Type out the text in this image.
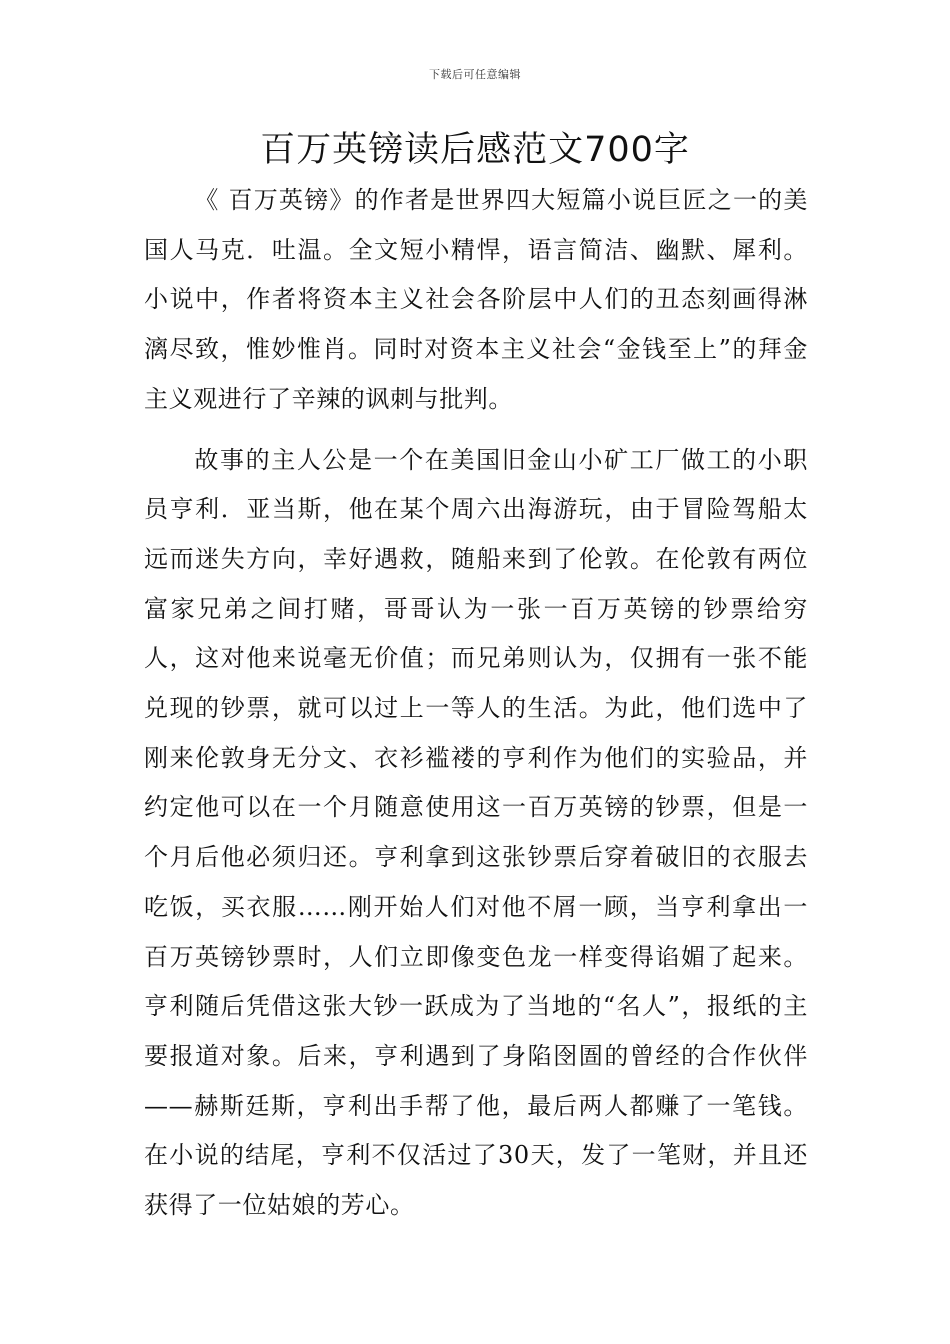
下载后可任意编辑
百万英镑读后感范文700字

《 百万英镑》的作者是世界四大短篇小说巨匠之一的美国人马克．吐温。全文短小精悍，语言简洁、幽默、犀利。小说中，作者将资本主义社会各阶层中人们的丑态刻画得淋漓尽致，惟妙惟肖。同时对资本主义社会“金钱至上”的拜金主义观进行了辛辣的讽刺与批判。

故事的主人公是一个在美国旧金山小矿工厂做工的小职员亨利．亚当斯，他在某个周六出海游玩，由于冒险驾船太远而迷失方向，幸好遇救，随船来到了伦敦。在伦敦有两位富家兄弟之间打赌，哥哥认为一张一百万英镑的钞票给穷人，这对他来说毫无价值；而兄弟则认为，仅拥有一张不能兑现的钞票，就可以过上一等人的生活。为此，他们选中了刚来伦敦身无分文、衣衫褴褛的亨利作为他们的实验品，并约定他可以在一个月随意使用这一百万英镑的钞票，但是一个月后他必须归还。亨利拿到这张钞票后穿着破旧的衣服去吃饭，买衣服……刚开始人们对他不屑一顾，当亨利拿出一百万英镑钞票时，人们立即像变色龙一样变得谄媚了起来。亨利随后凭借这张大钞一跃成为了当地的“名人”，报纸的主要报道对象。后来，亨利遇到了身陷囹圄的曾经的合作伙伴——赫斯廷斯，亨利出手帮了他，最后两人都赚了一笔钱。在小说的结尾，亨利不仅活过了30天，发了一笔财，并且还获得了一位姑娘的芳心。
